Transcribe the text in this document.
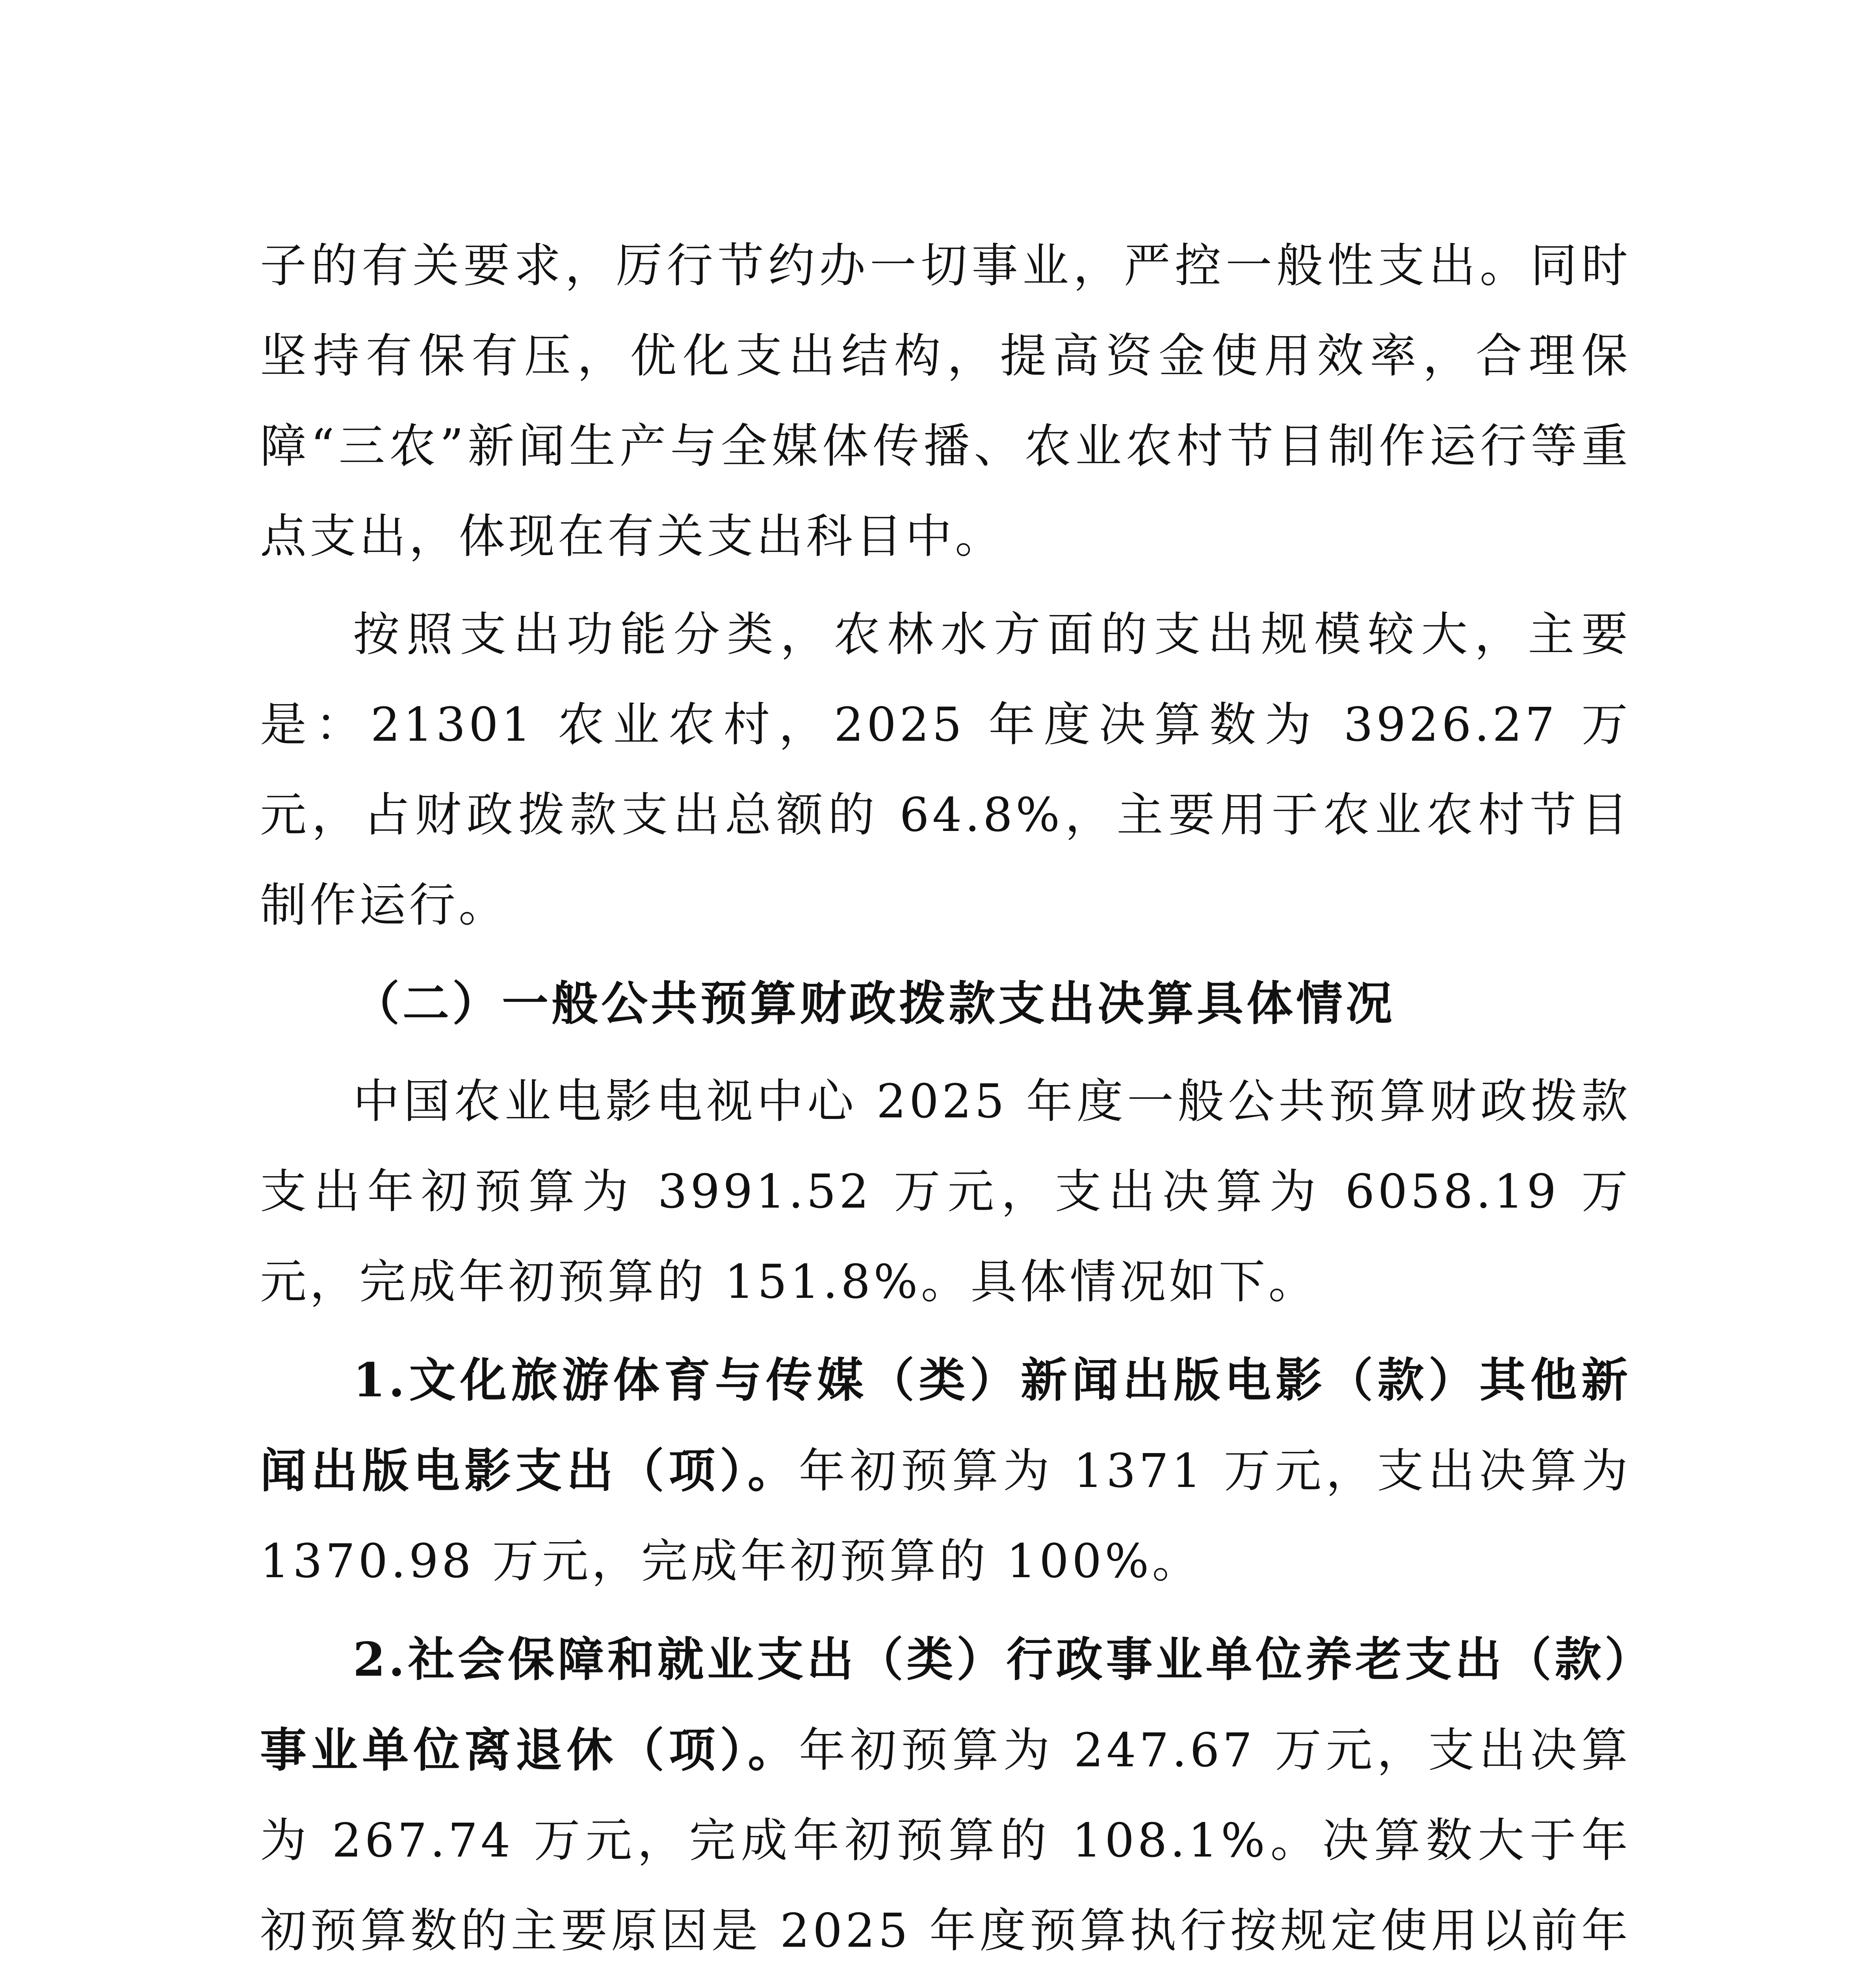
子的有关要求，厉行节约办一切事业，严控一般性支出。同时坚持有保有压，优化支出结构，提高资金使用效率，合理保障“三农”新闻生产与全媒体传播、农业农村节目制作运行等重点支出，体现在有关支出科目中。

按照支出功能分类，农林水方面的支出规模较大，主要是：21301 农业农村，2025 年度决算数为 3926.27 万元，占财政拨款支出总额的 64.8%，主要用于农业农村节目制作运行。

（二）一般公共预算财政拨款支出决算具体情况

中国农业电影电视中心 2025 年度一般公共预算财政拨款支出年初预算为 3991.52 万元，支出决算为 6058.19 万元，完成年初预算的 151.8%。具体情况如下。

1.文化旅游体育与传媒（类）新闻出版电影（款）其他新闻出版电影支出（项）。年初预算为 1371 万元，支出决算为 1370.98 万元，完成年初预算的 100%。

2.社会保障和就业支出（类）行政事业单位养老支出（款）事业单位离退休（项）。年初预算为 247.67 万元，支出决算为 267.74 万元，完成年初预算的 108.1%。决算数大于年初预算数的主要原因是 2025 年度预算执行按规定使用以前年
